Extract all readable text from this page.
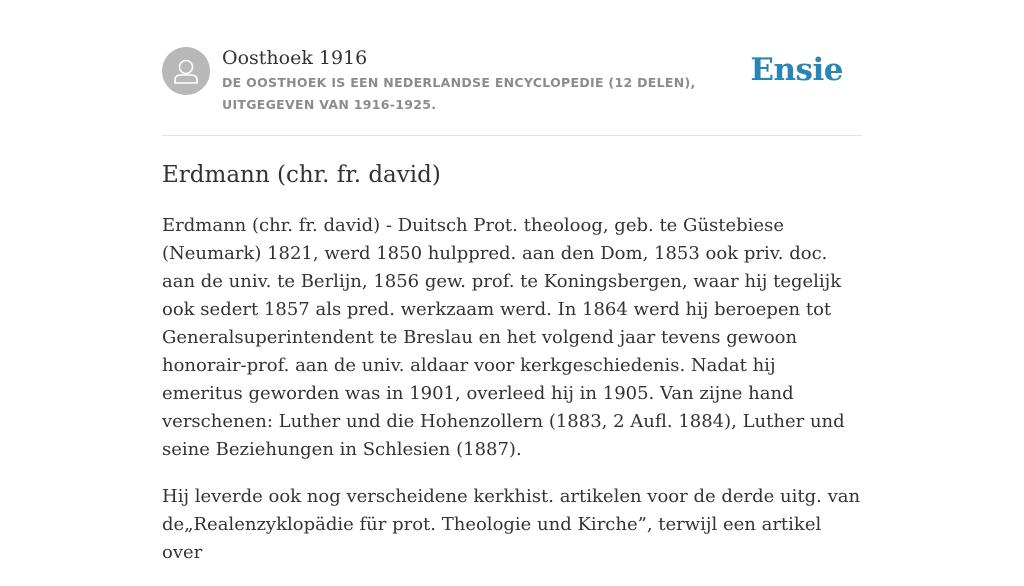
Oosthoek 1916
DE OOSTHOEK IS EEN NEDERLANDSE ENCYCLOPEDIE (12 DELEN), UITGEGEVEN VAN 1916-1925.
Ensie
Erdmann (chr. fr. david)

Erdmann (chr. fr. david) - Duitsch Prot. theoloog, geb. te Güstebiese (Neumark) 1821, werd 1850 hulppred. aan den Dom, 1853 ook priv. doc. aan de univ. te Berlijn, 1856 gew. prof. te Koningsbergen, waar hij tegelijk ook sedert 1857 als pred. werkzaam werd. In 1864 werd hij beroepen tot Generalsuperintendent te Breslau en het volgend jaar tevens gewoon honorair-prof. aan de univ. aldaar voor kerkgeschiedenis. Nadat hij emeritus geworden was in 1901, overleed hij in 1905. Van zijne hand verschenen: Luther und die Hohenzollern (1883, 2 Aufl. 1884), Luther und seine Beziehungen in Schlesien (1887).

Hij leverde ook nog verscheidene kerkhist. artikelen voor de derde uitg. van de„Realenzyklopädie für prot. Theologie und Kirche”, terwijl een artikel over
